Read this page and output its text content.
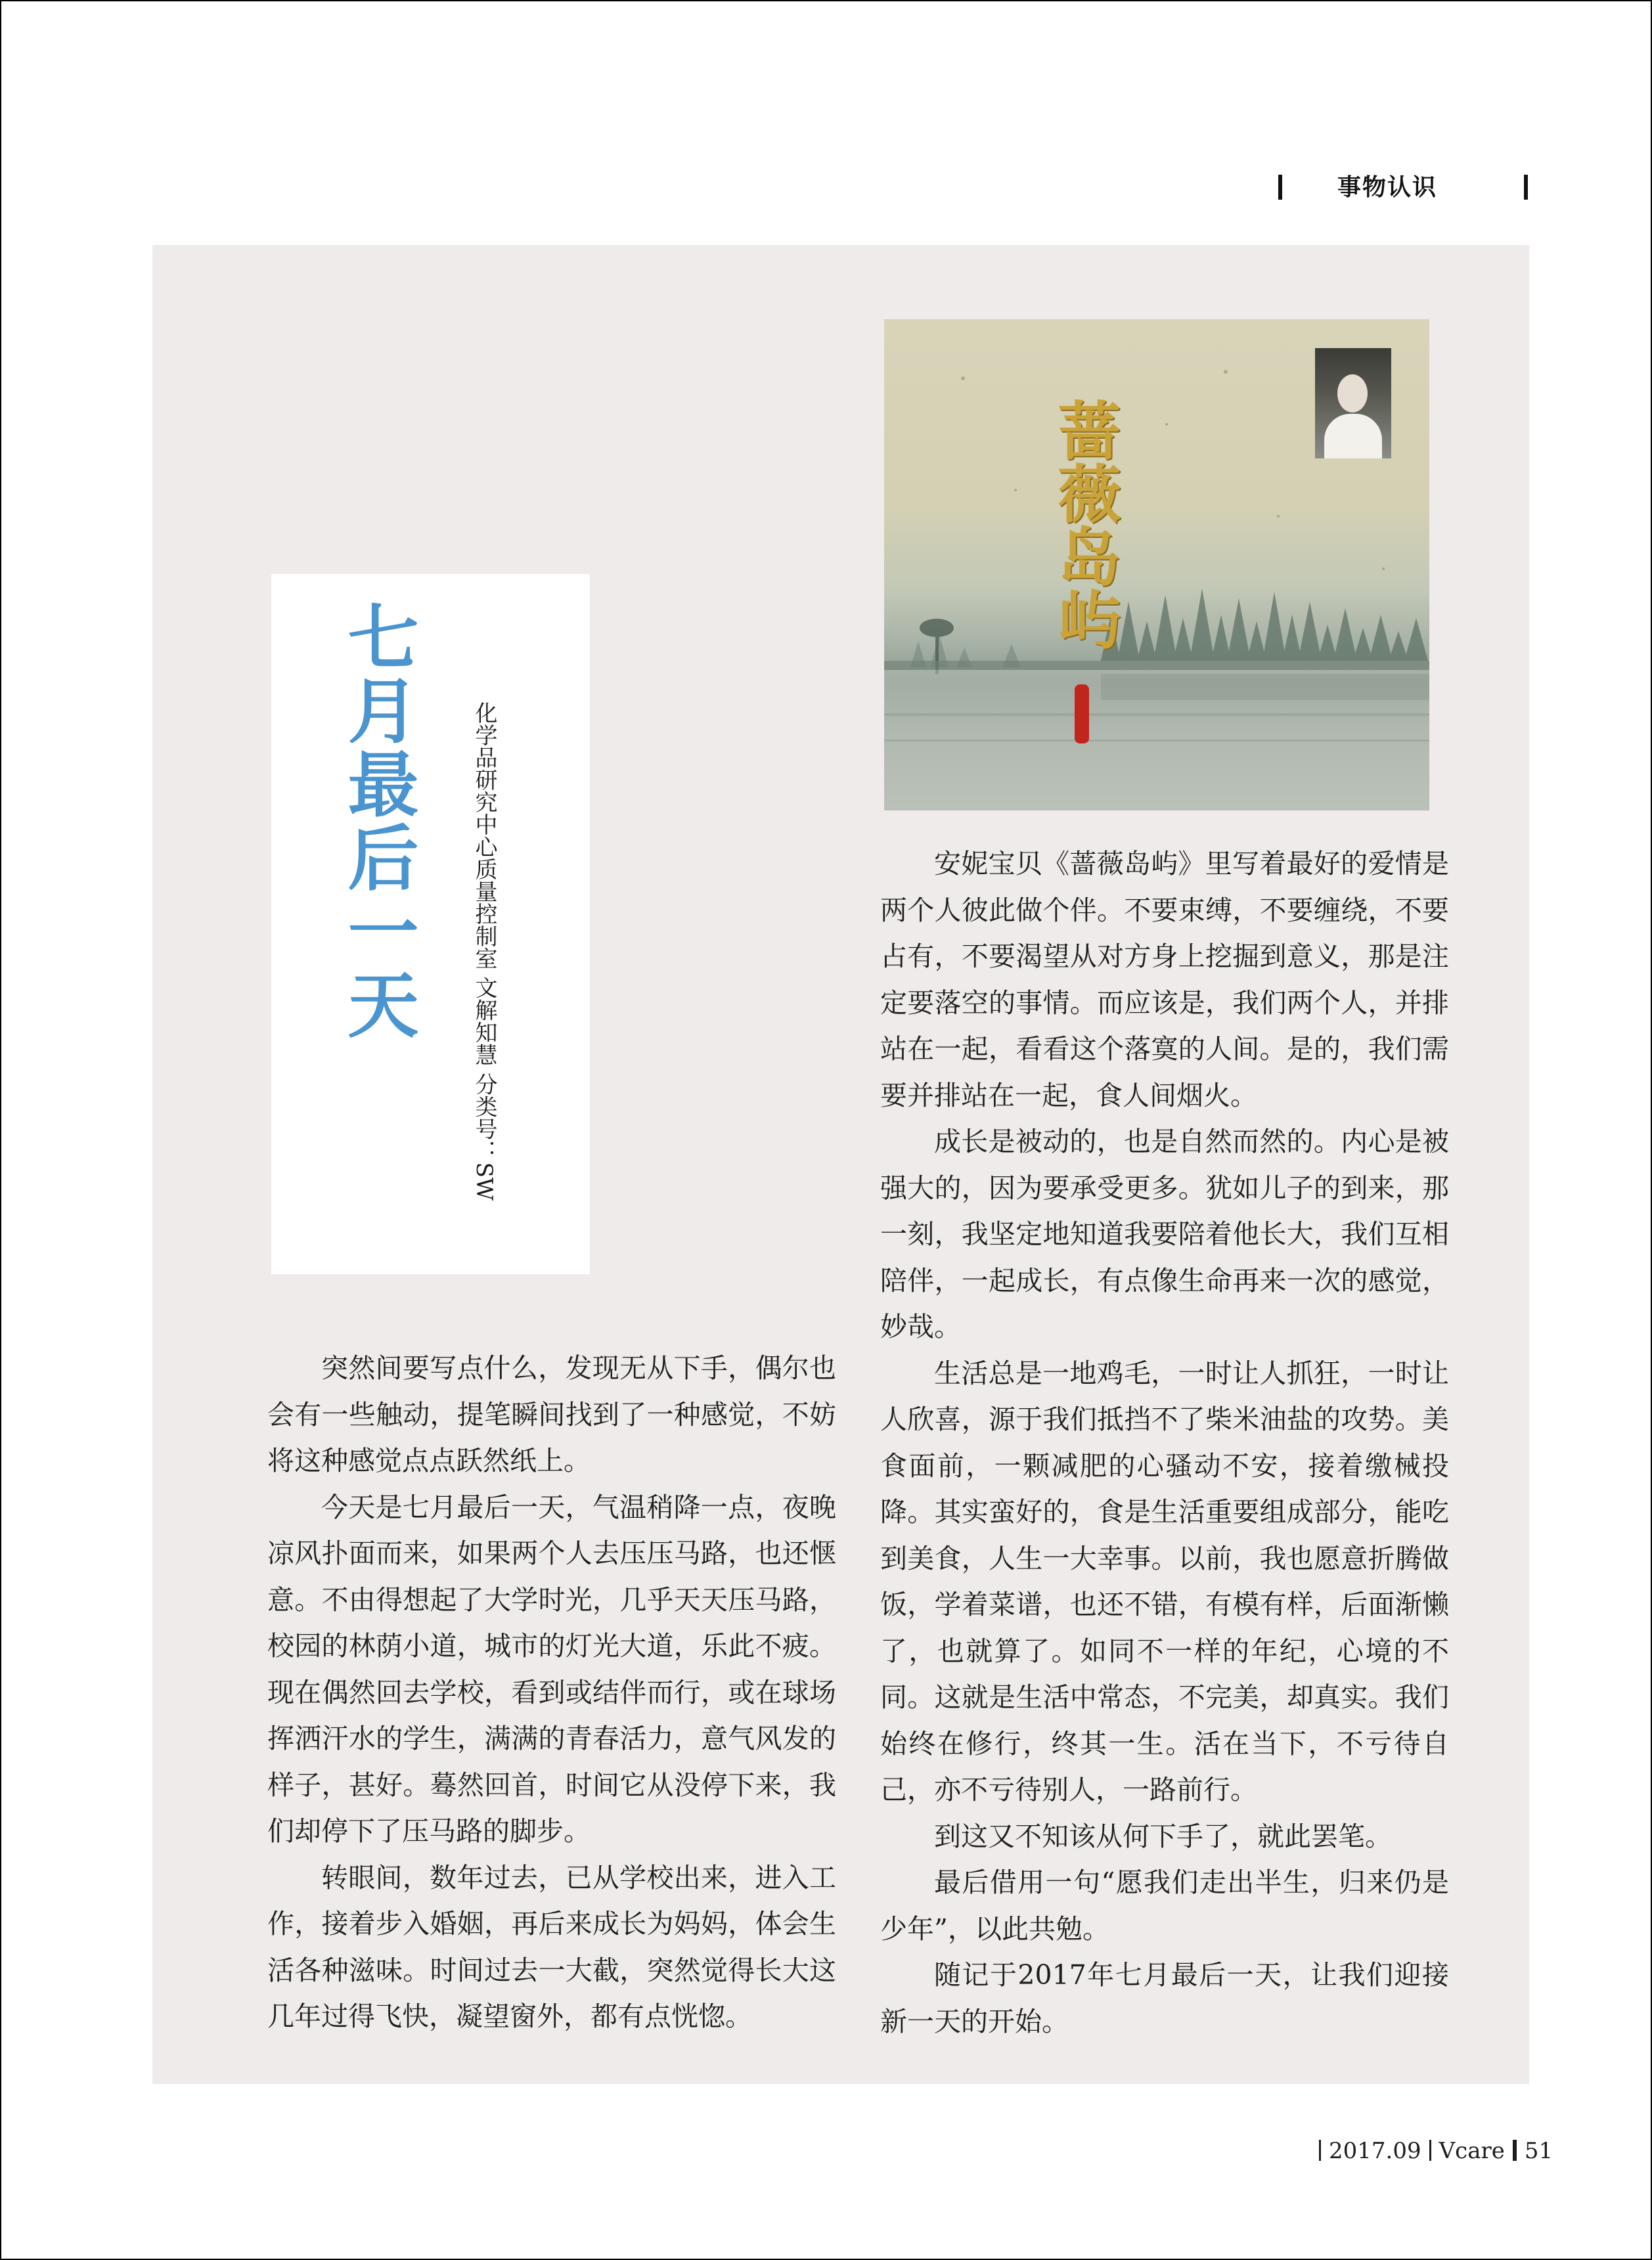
事物认识
七月最后一天 化学品研究中心质量控制室 文解知慧 分类号：SW
蔷薇岛屿

突然间要写点什么，发现无从下手，偶尔也会有一些触动，提笔瞬间找到了一种感觉，不妨将这种感觉点点跃然纸上。

今天是七月最后一天，气温稍降一点，夜晚凉风扑面而来，如果两个人去压压马路，也还惬意。不由得想起了大学时光，几乎天天压马路，校园的林荫小道，城市的灯光大道，乐此不疲。现在偶然回去学校，看到或结伴而行，或在球场挥洒汗水的学生，满满的青春活力，意气风发的样子，甚好。蓦然回首，时间它从没停下来，我们却停下了压马路的脚步。

转眼间，数年过去，已从学校出来，进入工作，接着步入婚姻，再后来成长为妈妈，体会生活各种滋味。时间过去一大截，突然觉得长大这几年过得飞快，凝望窗外，都有点恍惚。

安妮宝贝《蔷薇岛屿》里写着最好的爱情是两个人彼此做个伴。不要束缚，不要缠绕，不要占有，不要渴望从对方身上挖掘到意义，那是注定要落空的事情。而应该是，我们两个人，并排站在一起，看看这个落寞的人间。是的，我们需要并排站在一起，食人间烟火。

成长是被动的，也是自然而然的。内心是被强大的，因为要承受更多。犹如儿子的到来，那一刻，我坚定地知道我要陪着他长大，我们互相陪伴，一起成长，有点像生命再来一次的感觉，妙哉。

生活总是一地鸡毛，一时让人抓狂，一时让人欣喜，源于我们抵挡不了柴米油盐的攻势。美食面前，一颗减肥的心骚动不安，接着缴械投降。其实蛮好的，食是生活重要组成部分，能吃到美食，人生一大幸事。以前，我也愿意折腾做饭，学着菜谱，也还不错，有模有样，后面渐懒了，也就算了。如同不一样的年纪，心境的不同。这就是生活中常态，不完美，却真实。我们始终在修行，终其一生。活在当下，不亏待自己，亦不亏待别人，一路前行。

到这又不知该从何下手了，就此罢笔。

最后借用一句“愿我们走出半生，归来仍是少年”，以此共勉。

随记于2017年七月最后一天，让我们迎接新一天的开始。

2017.09 Vcare 51
